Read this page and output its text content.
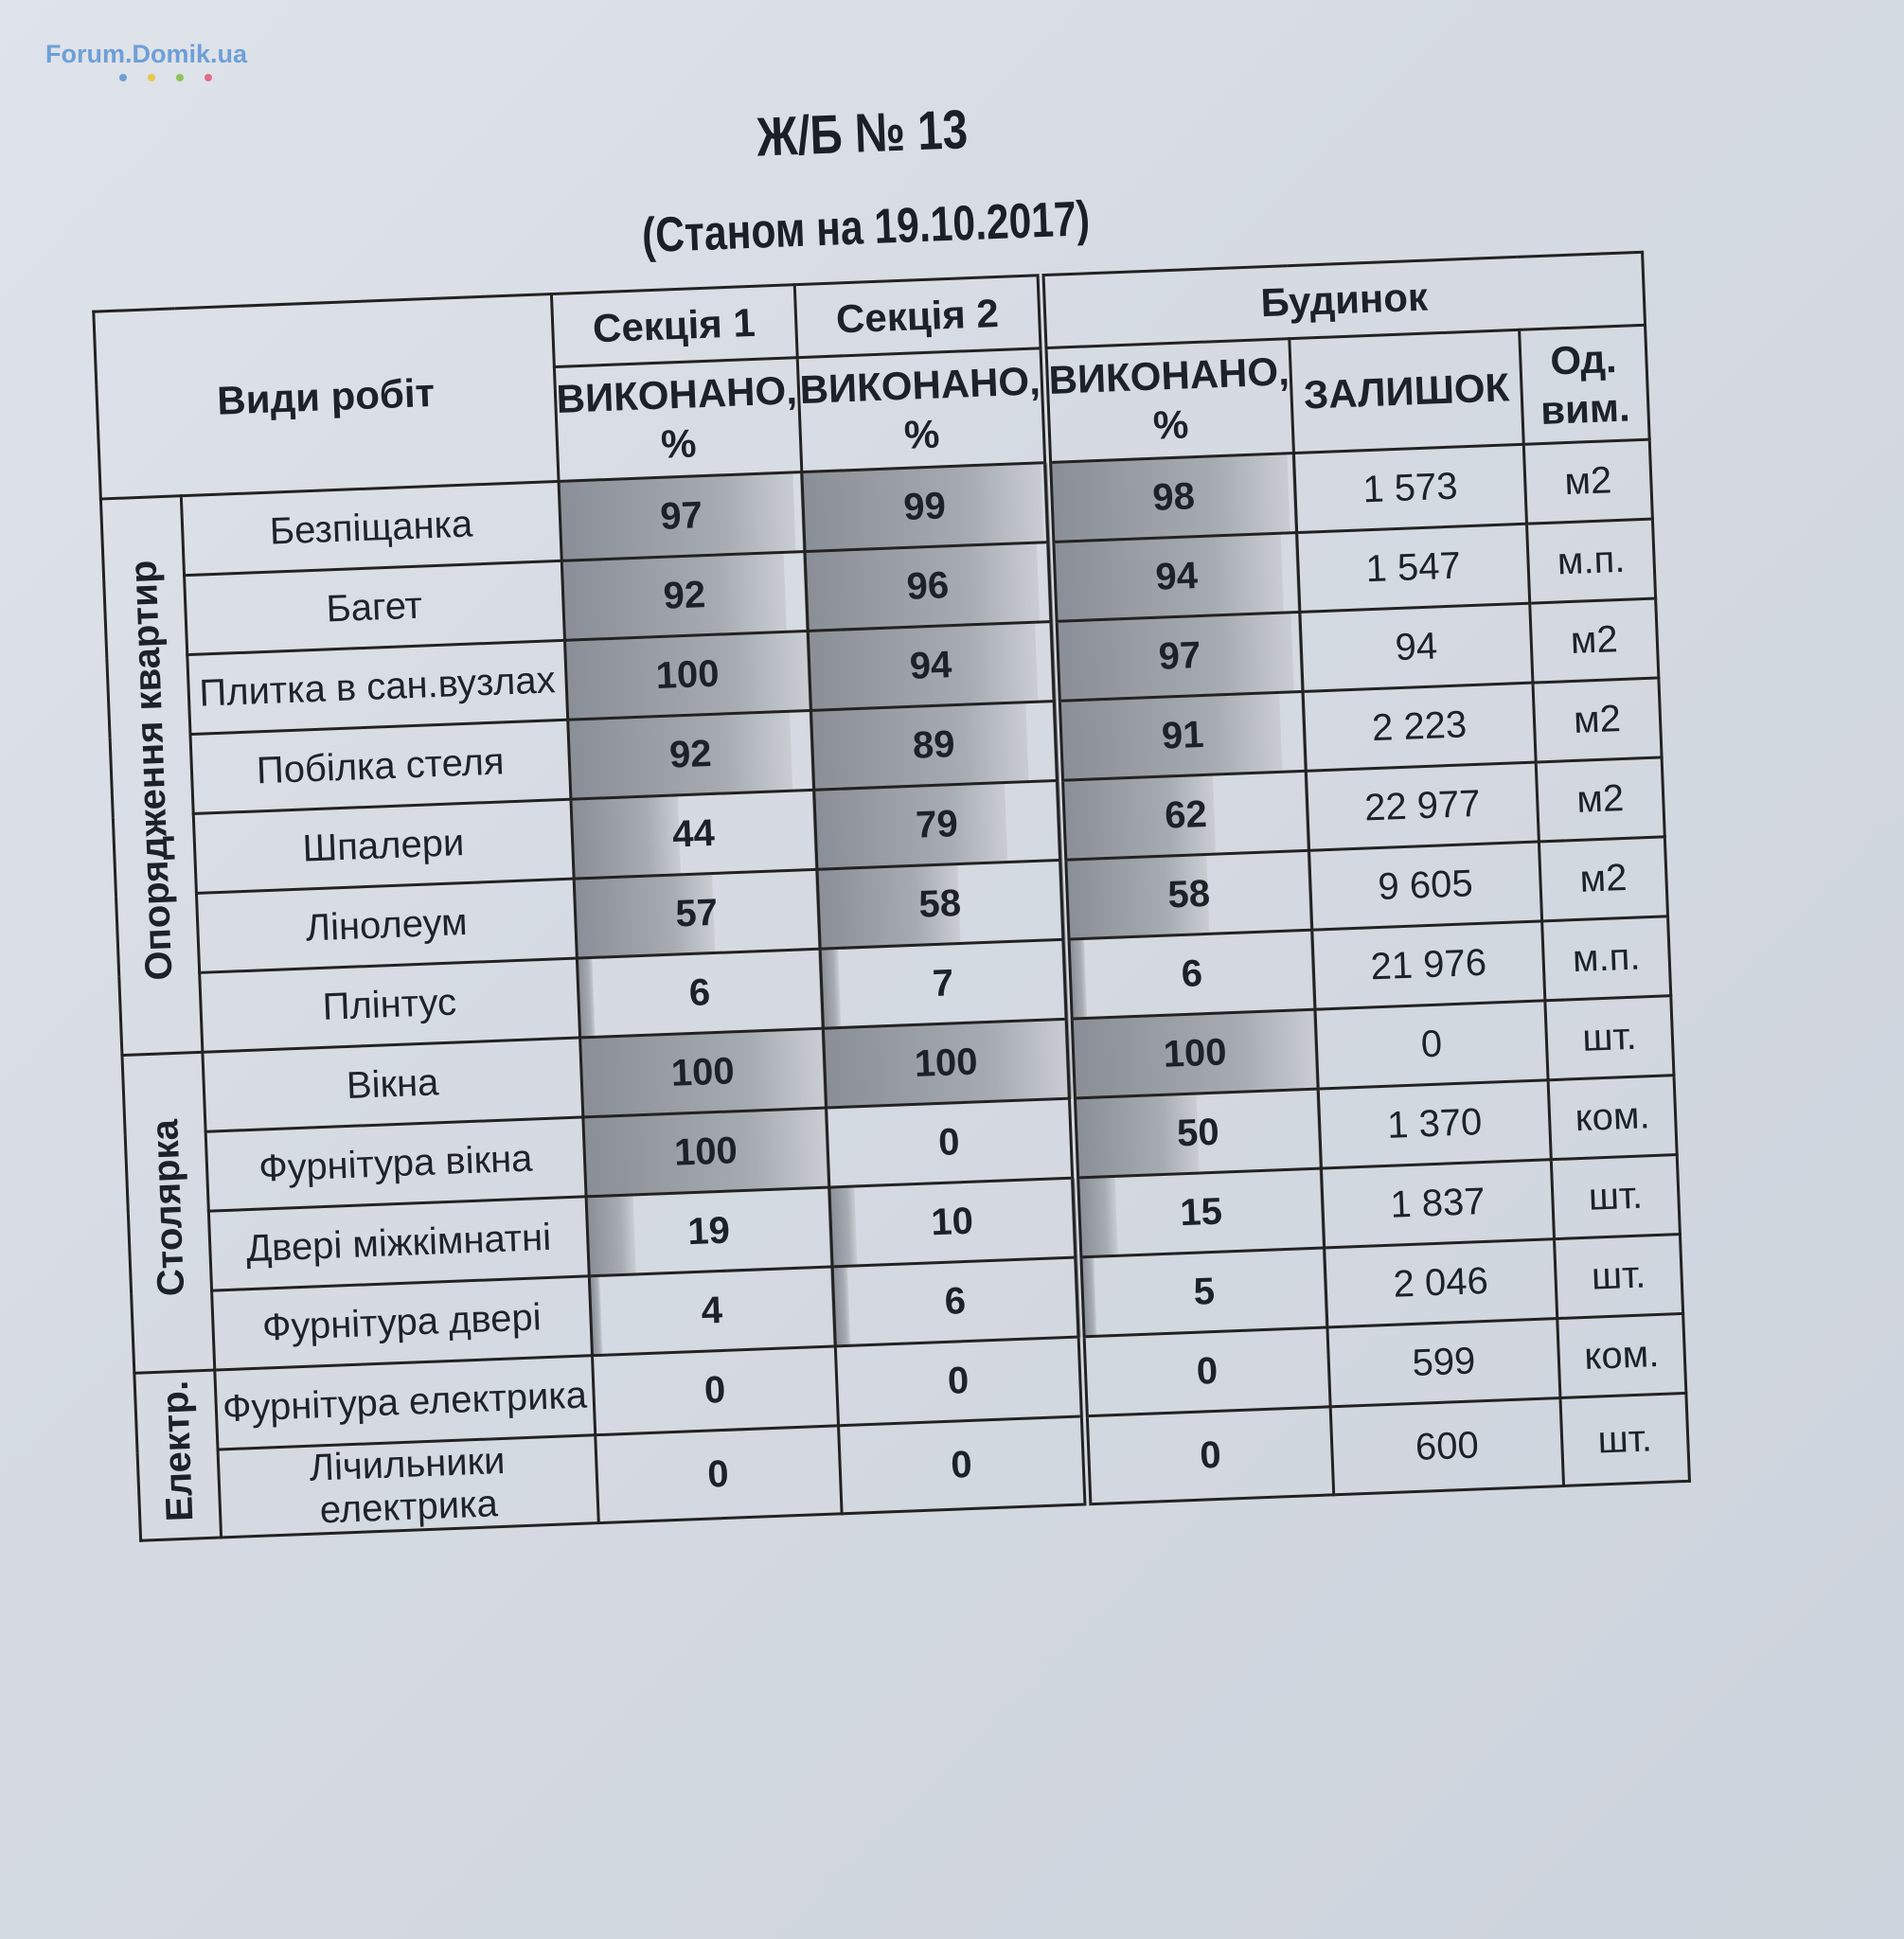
Forum.Domik.ua
Ж/Б № 13
(Станом на 19.10.2017)
Види робіт		Секція 1	Секція 2	Будинок		
		ВИКОНАНО, %	ВИКОНАНО, %	ВИКОНАНО, %	ЗАЛИШОК	Од. вим.
Опорядження квартир	Безпіщанка	97	99	98	1 573	м2
	Багет	92	96	94	1 547	м.п.
	Плитка в сан.вузлах	100	94	97	94	м2
	Побілка стеля	92	89	91	2 223	м2
	Шпалери	44	79	62	22 977	м2
	Лінолеум	57	58	58	9 605	м2
	Плінтус	6	7	6	21 976	м.п.
Столярка	Вікна	100	100	100	0	шт.
	Фурнітура вікна	100	0	50	1 370	ком.
	Двері міжкімнатні	19	10	15	1 837	шт.
	Фурнітура двері	4	6	5	2 046	шт.
Електр.	Фурнітура електрика	0	0	0	599	ком.
	Лічильники електрика	0	0	0	600	шт.
